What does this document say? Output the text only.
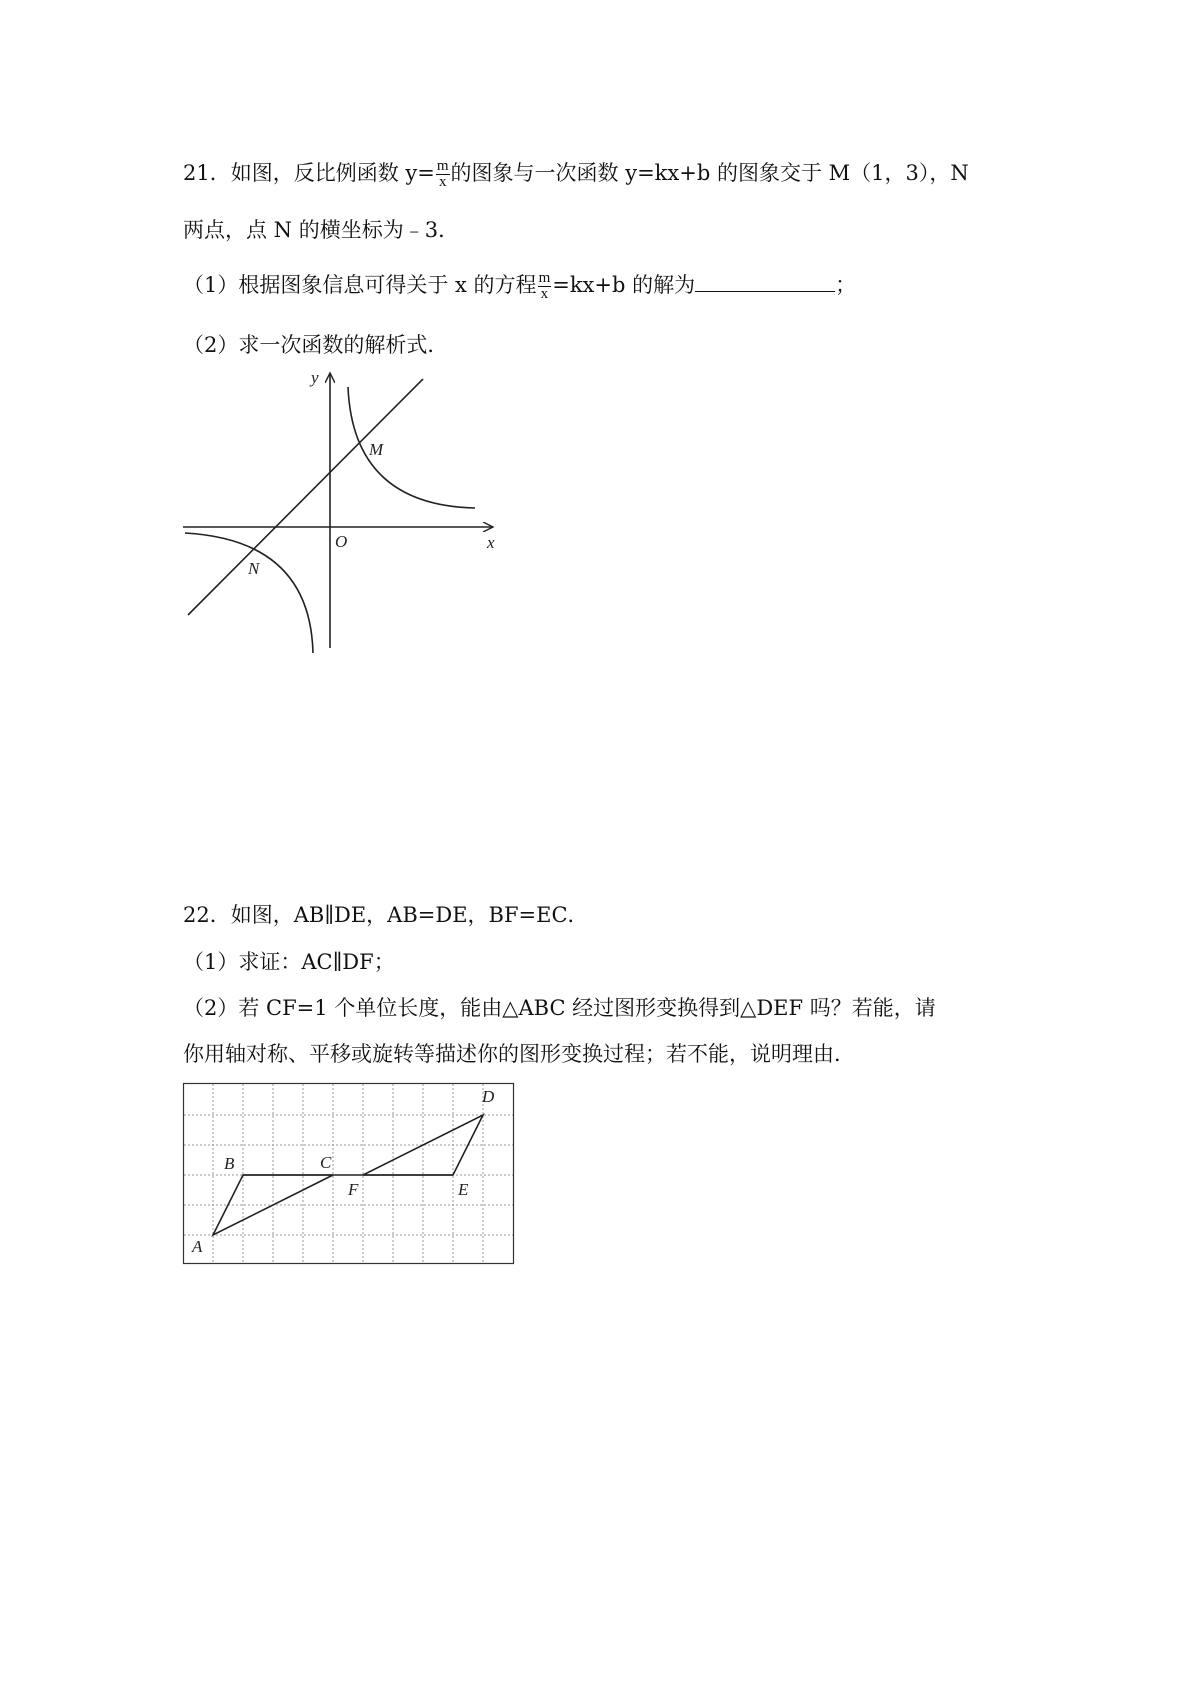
21．如图，反比例函数 $y= \frac{m}{x}$ 的图象与一次函数 y=kx+b 的图象交于 M（1，3），N
两点，点 N 的横坐标为﹣3．
（1）根据图象信息可得关于 x 的方程 $\frac{m}{x} =kx+b$ 的解为	；
（2）求一次函数的解析式．
y
x
O
M
N
22．如图，AB∥DE，AB=DE，BF=EC．
（1）求证：AC∥DF；
（2）若 CF=1 个单位长度，能由△ABC 经过图形变换得到△DEF 吗？若能，请
你用轴对称、平移或旋转等描述你的图形变换过程；若不能，说明理由．
A
B	C
F	E
D
